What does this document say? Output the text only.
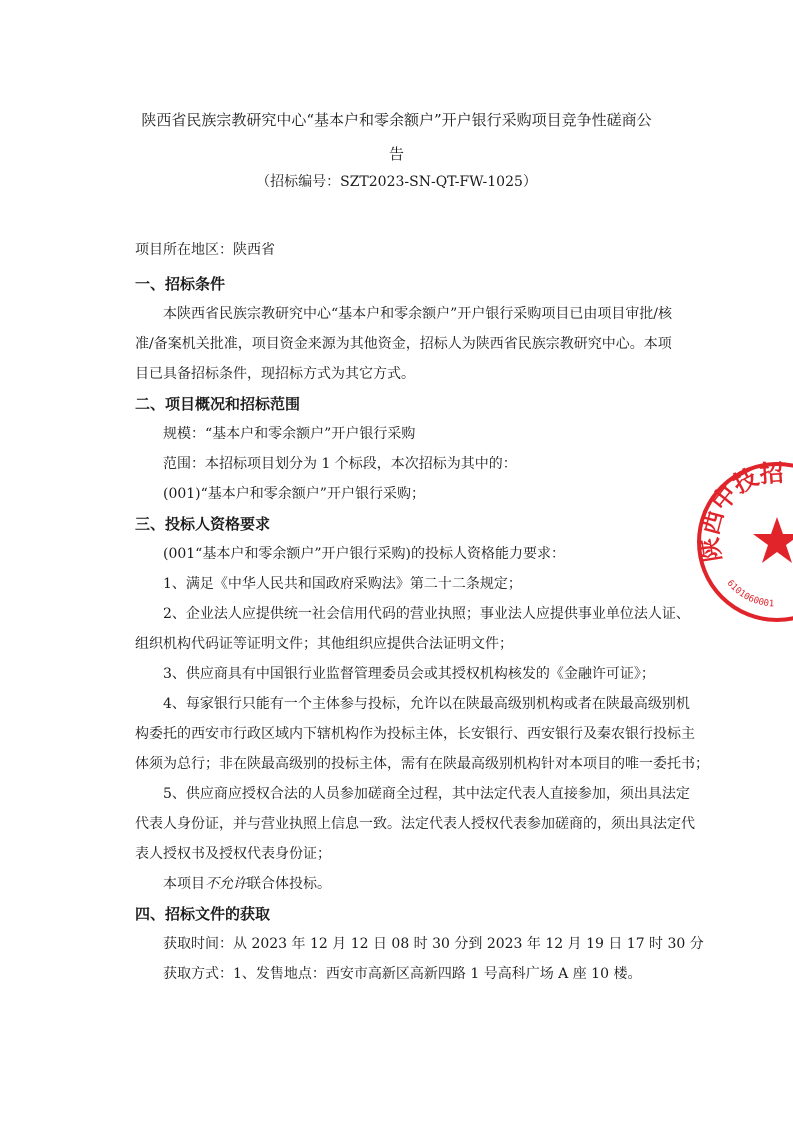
陕西省民族宗教研究中心“基本户和零余额户”开户银行采购项目竞争性磋商公
告
（招标编号：SZT2023-SN-QT-FW-1025）
项目所在地区：陕西省
一、招标条件
本陕西省民族宗教研究中心“基本户和零余额户”开户银行采购项目已由项目审批/核
准/备案机关批准，项目资金来源为其他资金，招标人为陕西省民族宗教研究中心。本项
目已具备招标条件，现招标方式为其它方式。
二、项目概况和招标范围
规模：“基本户和零余额户”开户银行采购
范围：本招标项目划分为 1 个标段，本次招标为其中的：
(001)“基本户和零余额户”开户银行采购；
三、投标人资格要求
(001“基本户和零余额户”开户银行采购)的投标人资格能力要求：
1、满足《中华人民共和国政府采购法》第二十二条规定；
2、企业法人应提供统一社会信用代码的营业执照；事业法人应提供事业单位法人证、
组织机构代码证等证明文件；其他组织应提供合法证明文件；
3、供应商具有中国银行业监督管理委员会或其授权机构核发的《金融许可证》；
4、每家银行只能有一个主体参与投标，允许以在陕最高级别机构或者在陕最高级别机
构委托的西安市行政区域内下辖机构作为投标主体，长安银行、西安银行及秦农银行投标主
体须为总行；非在陕最高级别的投标主体，需有在陕最高级别机构针对本项目的唯一委托书；
5、供应商应授权合法的人员参加磋商全过程，其中法定代表人直接参加，须出具法定
代表人身份证，并与营业执照上信息一致。法定代表人授权代表参加磋商的，须出具法定代
表人授权书及授权代表身份证；
本项目不允许联合体投标。
四、招标文件的获取
获取时间：从 2023 年 12 月 12 日 08 时 30 分到 2023 年 12 月 19 日 17 时 30 分
获取方式：1、发售地点：西安市高新区高新四路 1 号高科广场 A 座 10 楼。
陕西中技招
6101060001
